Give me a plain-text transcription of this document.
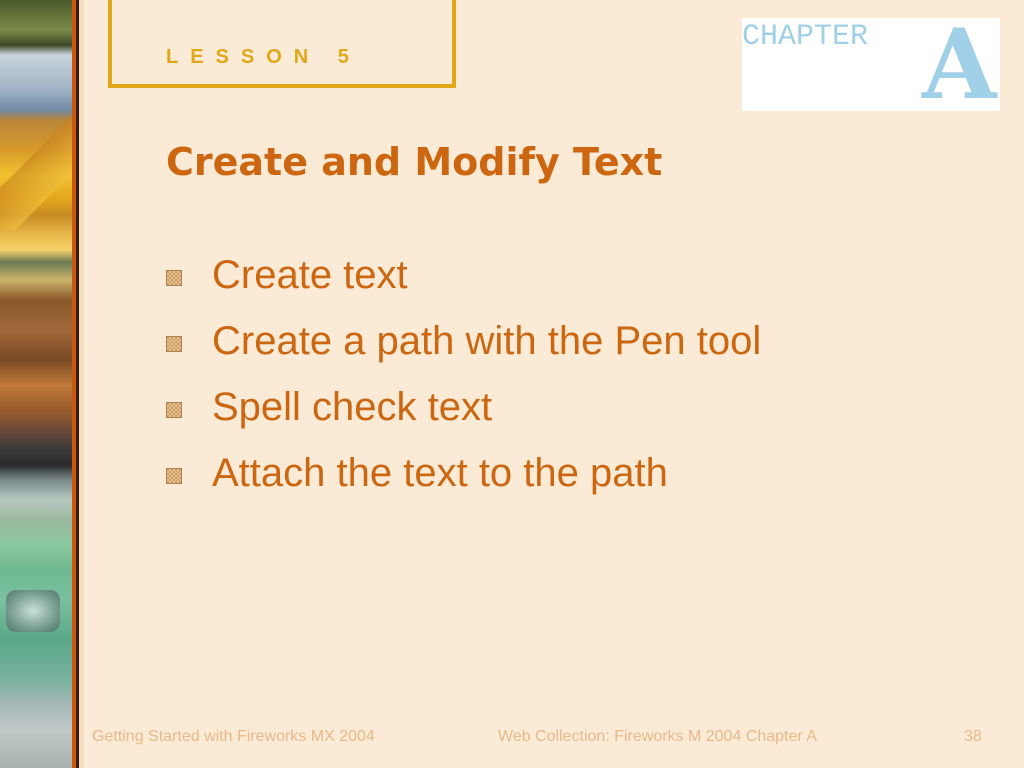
LESSON 5
CHAPTER A
Create and Modify Text
Create text
Create a path with the Pen tool
Spell check text
Attach the text to the path
Getting Started with Fireworks MX 2004	Web Collection: Fireworks M 2004 Chapter A	38
